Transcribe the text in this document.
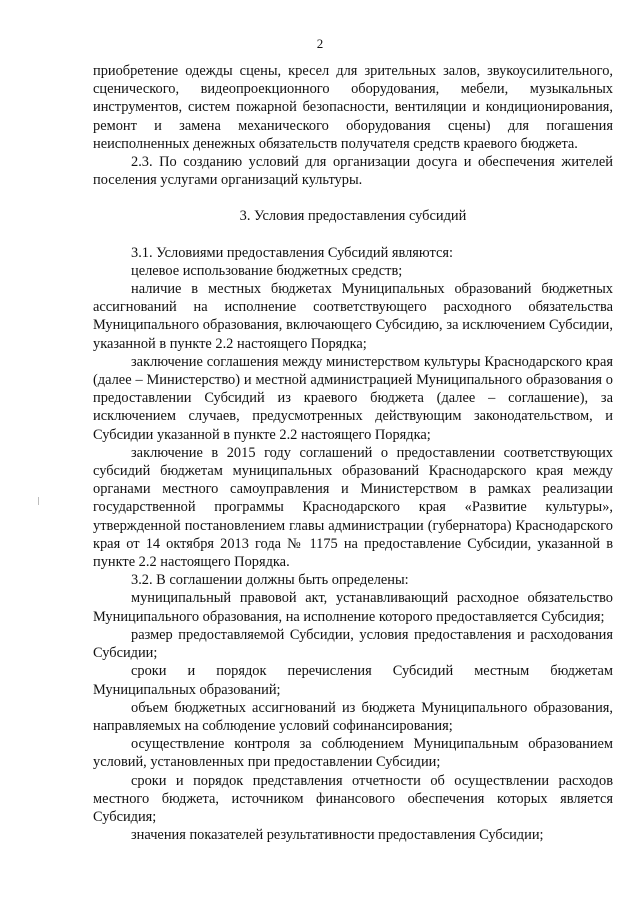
2

приобретение одежды сцены, кресел для зрительных залов, звукоусилительного, сценического, видеопроекционного оборудования, мебели, музыкальных инструментов, систем пожарной безопасности, вентиляции и кондиционирования, ремонт и замена механического оборудования сцены) для погашения неисполненных денежных обязательств получателя средств краевого бюджета.

2.3. По созданию условий для организации досуга и обеспечения жителей поселения услугами организаций культуры.

3. Условия предоставления субсидий

3.1. Условиями предоставления Субсидий являются:

целевое использование бюджетных средств;

наличие в местных бюджетах Муниципальных образований бюджетных ассигнований на исполнение соответствующего расходного обязательства Муниципального образования, включающего Субсидию, за исключением Субсидии, указанной в пункте 2.2 настоящего Порядка;

заключение соглашения между министерством культуры Краснодарского края (далее – Министерство) и местной администрацией Муниципального образования о предоставлении Субсидий из краевого бюджета (далее – соглашение), за исключением случаев, предусмотренных действующим законодательством, и Субсидии указанной в пункте 2.2 настоящего Порядка;

заключение в 2015 году соглашений о предоставлении соответствующих субсидий бюджетам муниципальных образований Краснодарского края между органами местного самоуправления и Министерством в рамках реализации государственной программы Краснодарского края «Развитие культуры», утвержденной постановлением главы администрации (губернатора) Краснодарского края от 14 октября 2013 года № 1175 на предоставление Субсидии, указанной в пункте 2.2 настоящего Порядка.

3.2. В соглашении должны быть определены:

муниципальный правовой акт, устанавливающий расходное обязательство Муниципального образования, на исполнение которого предоставляется Субсидия;

размер предоставляемой Субсидии, условия предоставления и расходования Субсидии;

сроки и порядок перечисления Субсидий местным бюджетам Муниципальных образований;

объем бюджетных ассигнований из бюджета Муниципального образования, направляемых на соблюдение условий софинансирования;

осуществление контроля за соблюдением Муниципальным образованием условий, установленных при предоставлении Субсидии;

сроки и порядок представления отчетности об осуществлении расходов местного бюджета, источником финансового обеспечения которых является Субсидия;

значения показателей результативности предоставления Субсидии;
